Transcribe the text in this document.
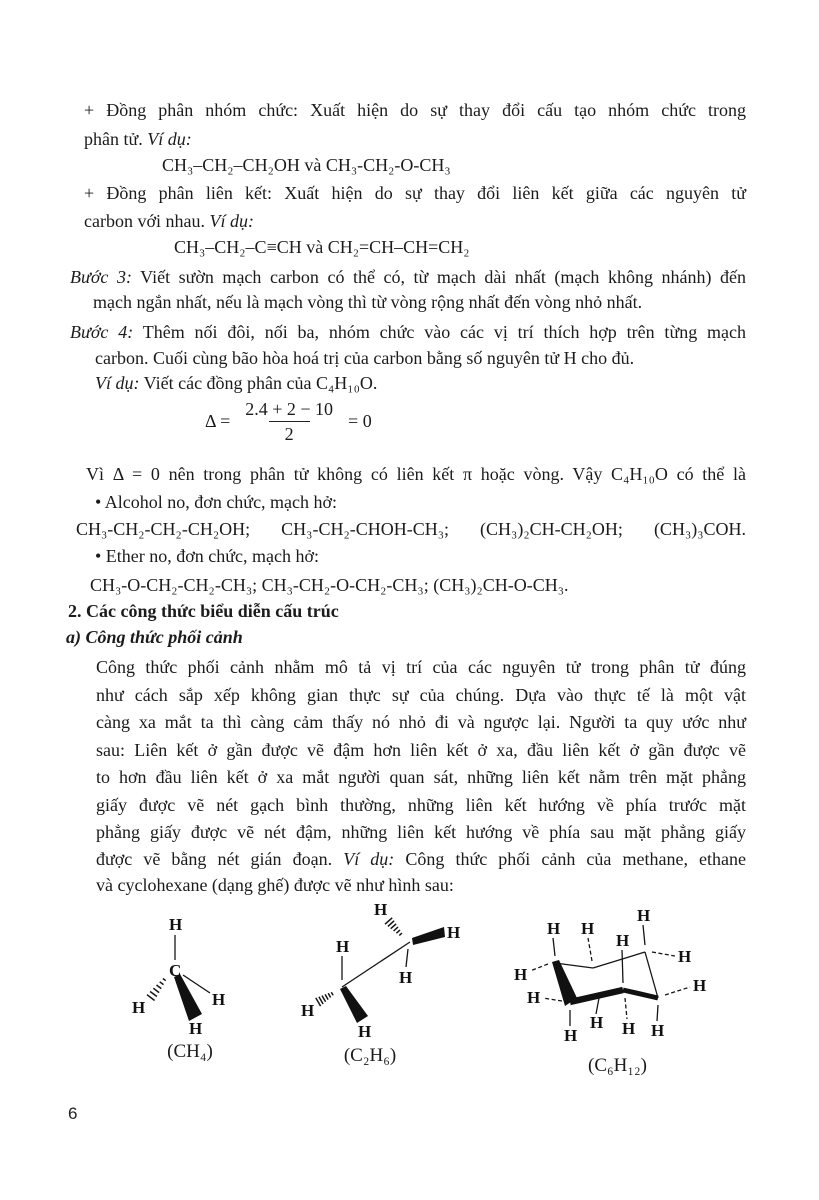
+ Đồng phân nhóm chức: Xuất hiện do sự thay đổi cấu tạo nhóm chức trong
phân tử. Ví dụ:
CH₃–CH₂–CH₂OH và CH₃-CH₂-O-CH₃
+ Đồng phân liên kết: Xuất hiện do sự thay đổi liên kết giữa các nguyên tử
carbon với nhau. Ví dụ:
CH₃–CH₂–C≡CH và CH₂=CH–CH=CH₂
Bước 3: Viết sườn mạch carbon có thể có, từ mạch dài nhất (mạch không nhánh) đến
mạch ngắn nhất, nếu là mạch vòng thì từ vòng rộng nhất đến vòng nhỏ nhất.
Bước 4: Thêm nối đôi, nối ba, nhóm chức vào các vị trí thích hợp trên từng mạch
carbon. Cuối cùng bão hòa hoá trị của carbon bằng số nguyên tử H cho đủ.
Ví dụ: Viết các đồng phân của C₄H₁₀O.
$\Delta = \frac{2.4 + 2 - 10}{2} = 0$
Vì Δ = 0 nên trong phân tử không có liên kết π hoặc vòng. Vậy C₄H₁₀O có thể là
• Alcohol no, đơn chức, mạch hở:
CH₃-CH₂-CH₂-CH₂OH; CH₃-CH₂-CHOH-CH₃; (CH₃)₂CH-CH₂OH; (CH₃)₃COH.
• Ether no, đơn chức, mạch hở:
CH₃-O-CH₂-CH₂-CH₃; CH₃-CH₂-O-CH₂-CH₃; (CH₃)₂CH-O-CH₃.
2. Các công thức biểu diễn cấu trúc
a) Công thức phối cảnh
Công thức phối cảnh nhằm mô tả vị trí của các nguyên tử trong phân tử đúng
như cách sắp xếp không gian thực sự của chúng. Dựa vào thực tế là một vật
càng xa mắt ta thì càng cảm thấy nó nhỏ đi và ngược lại. Người ta quy ước như
sau: Liên kết ở gần được vẽ đậm hơn liên kết ở xa, đầu liên kết ở gần được vẽ
to hơn đầu liên kết ở xa mắt người quan sát, những liên kết nằm trên mặt phẳng
giấy được vẽ nét gạch bình thường, những liên kết hướng về phía trước mặt
phẳng giấy được vẽ nét đậm, những liên kết hướng về phía sau mặt phẳng giấy
được vẽ bằng nét gián đoạn. Ví dụ: Công thức phối cảnh của methane, ethane
và cyclohexane (dạng ghế) được vẽ như hình sau:
C
H
H	H
H
(CH₄)
H
H
H
H
H
H
(C₂H₆)
H H
H
H
H
H
H
H
H
H H H
(C₆H₁₂)
6
